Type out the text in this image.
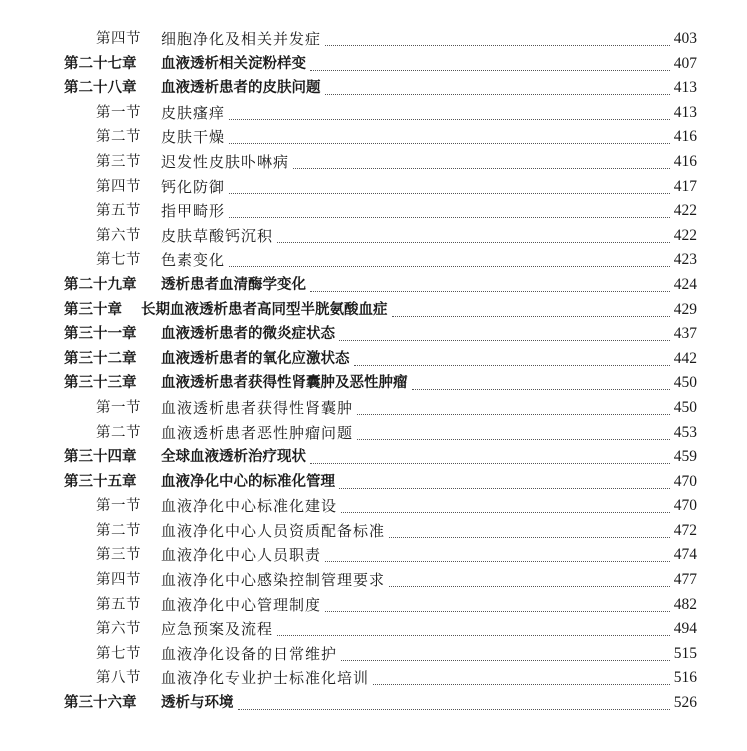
第四节 细胞净化及相关并发症	403
第二十七章 血液透析相关淀粉样变	407
第二十八章 血液透析患者的皮肤问题	413
第一节 皮肤瘙痒	413
第二节 皮肤干燥	416
第三节 迟发性皮肤卟啉病	416
第四节 钙化防御	417
第五节 指甲畸形	422
第六节 皮肤草酸钙沉积	422
第七节 色素变化	423
第二十九章 透析患者血清酶学变化	424
第三十章 长期血液透析患者高同型半胱氨酸血症	429
第三十一章 血液透析患者的微炎症状态	437
第三十二章 血液透析患者的氧化应激状态	442
第三十三章 血液透析患者获得性肾囊肿及恶性肿瘤	450
第一节 血液透析患者获得性肾囊肿	450
第二节 血液透析患者恶性肿瘤问题	453
第三十四章 全球血液透析治疗现状	459
第三十五章 血液净化中心的标准化管理	470
第一节 血液净化中心标准化建设	470
第二节 血液净化中心人员资质配备标准	472
第三节 血液净化中心人员职责	474
第四节 血液净化中心感染控制管理要求	477
第五节 血液净化中心管理制度	482
第六节 应急预案及流程	494
第七节 血液净化设备的日常维护	515
第八节 血液净化专业护士标准化培训	516
第三十六章 透析与环境	526
